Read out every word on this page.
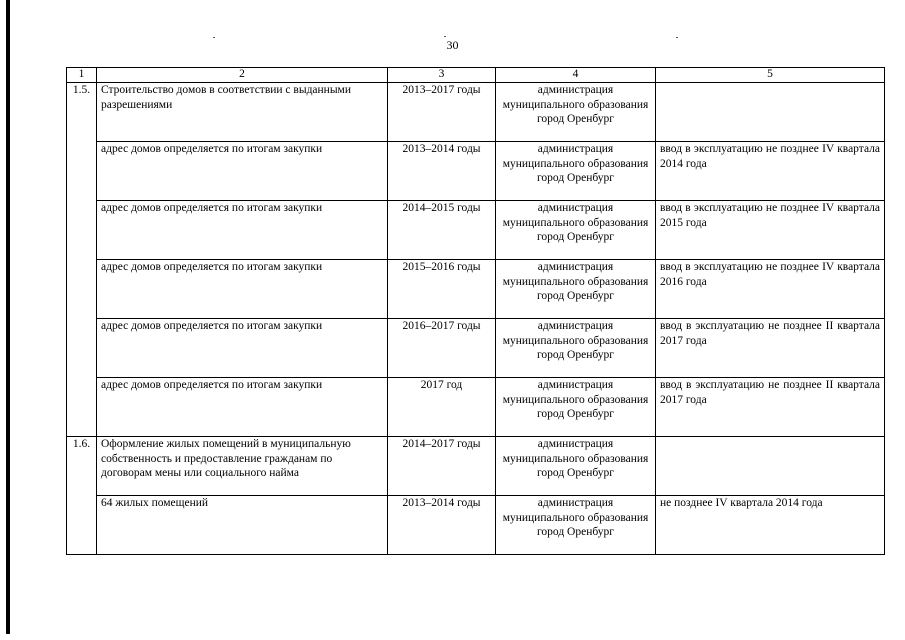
30
1	2	3	4	5
1.5.	Строительство домов в соответствии с выданными разрешениями	2013–2017 годы	администрация муниципального образования город Оренбург	
	адрес домов определяется по итогам закупки	2013–2014 годы	администрация муниципального образования город Оренбург	ввод в эксплуатацию не позднее IV квартала 2014 года
	адрес домов определяется по итогам закупки	2014–2015 годы	администрация муниципального образования город Оренбург	ввод в эксплуатацию не позднее IV квартала 2015 года
	адрес домов определяется по итогам закупки	2015–2016 годы	администрация муниципального образования город Оренбург	ввод в эксплуатацию не позднее IV квартала 2016 года
	адрес домов определяется по итогам закупки	2016–2017 годы	администрация муниципального образования город Оренбург	ввод в эксплуатацию не позднее II квартала 2017 года
	адрес домов определяется по итогам закупки	2017 год	администрация муниципального образования город Оренбург	ввод в эксплуатацию не позднее II квартала 2017 года
1.6.	Оформление жилых помещений в муниципальную собственность и предоставление гражданам по договорам мены или социального найма	2014–2017 годы	администрация муниципального образования город Оренбург	
	64 жилых помещений	2013–2014 годы	администрация муниципального образования город Оренбург	не позднее IV квартала 2014 года
